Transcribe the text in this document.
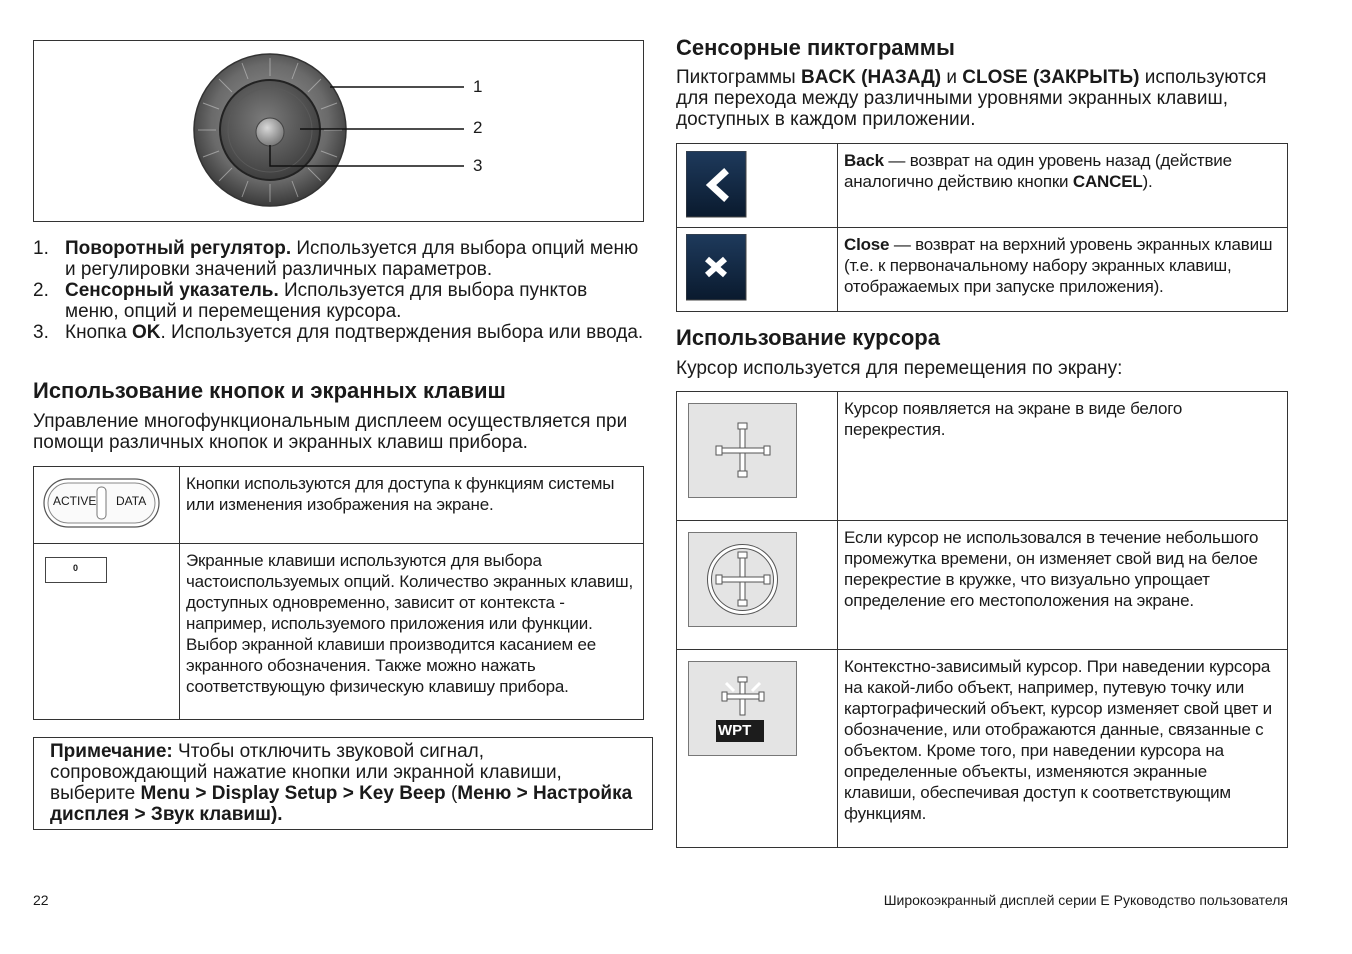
1
2
3
1. Поворотный регулятор. Используется для выбора опций меню и регулировки значений различных параметров.
2. Сенсорный указатель. Используется для выбора пунктов меню, опций и перемещения курсора.
3. Кнопка OK. Используется для подтверждения выбора или ввода.
Использование кнопок и экранных клавиш
Управление многофункциональным дисплеем осуществляется при помощи различных кнопок и экранных клавиш прибора.
ACTIVE DATA	Кнопки используются для доступа к функциям системы или изменения изображения на экране.

0	Экранные клавиши используются для выбора частоиспользуемых опций. Количество экранных клавиш, доступных одновременно, зависит от контекста - например, используемого приложения или функции. Выбор экранной клавиши производится касанием ее экранного обозначения. Также можно нажать соответствующую физическую клавишу прибора.
Примечание: Чтобы отключить звуковой сигнал, сопровождающий нажатие кнопки или экранной клавиши, выберите Menu > Display Setup > Key Beep (Меню > Настройка дисплея > Звук клавиш).
Сенсорные пиктограммы
Пиктограммы BACK (НАЗАД) и CLOSE (ЗАКРЫТЬ) используются для перехода между различными уровнями экранных клавиш, доступных в каждом приложении.

Back — возврат на один уровень назад (действие аналогично действию кнопки CANCEL).

Close — возврат на верхний уровень экранных клавиш (т.е. к первоначальному набору экранных клавиш, отображаемых при запуске приложения).
Использование курсора
Курсор используется для перемещения по экрану:

Курсор появляется на экране в виде белого перекрестия.

Если курсор не использовался в течение небольшого промежутка времени, он изменяет свой вид на белое перекрестие в кружке, что визуально упрощает определение его местоположения на экране.

WPT	Контекстно-зависимый курсор. При наведении курсора на какой-либо объект, например, путевую точку или картографический объект, курсор изменяет свой цвет и обозначение, или отображаются данные, связанные с объектом. Кроме того, при наведении курсора на определенные объекты, изменяются экранные клавиши, обеспечивая доступ к соответствующим функциям.
22	Широкоэкранный дисплей серии E Руководство пользователя
